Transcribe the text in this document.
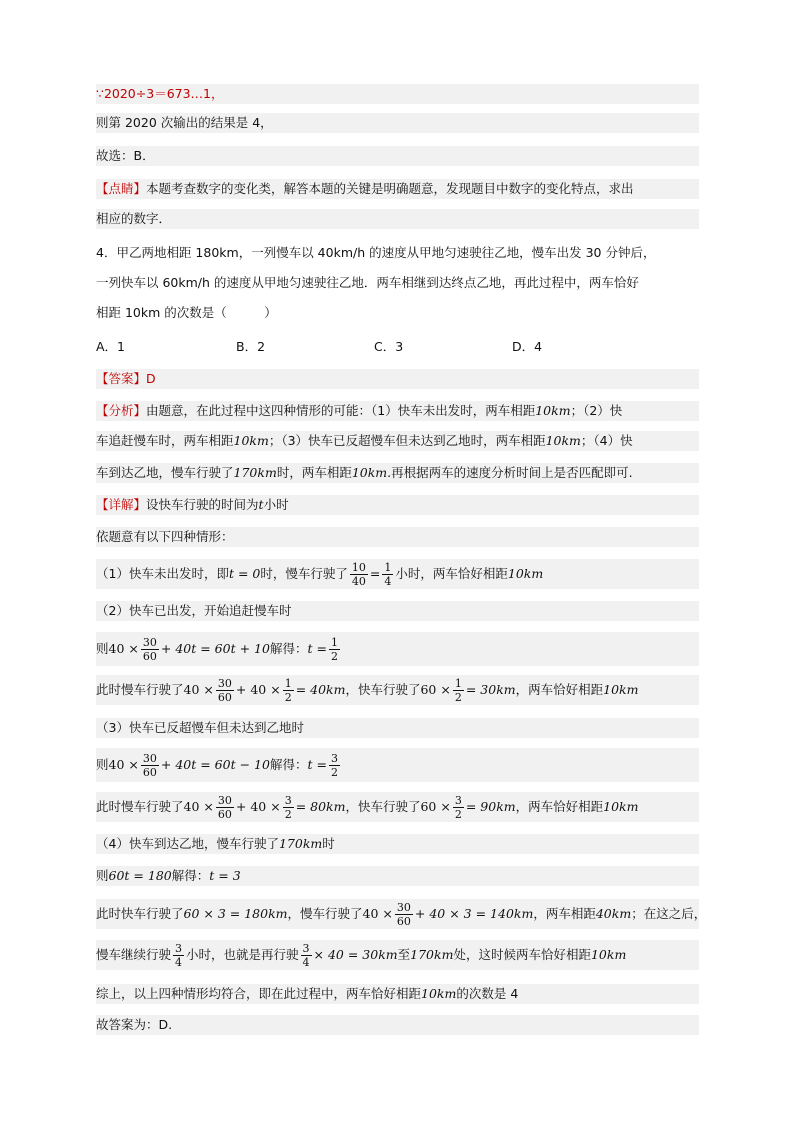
∵2020÷3＝673…1，
则第 2020 次输出的结果是 4，
故选：B．
【点睛】 本题考查数字的变化类，解答本题的关键是明确题意，发现题目中数字的变化特点，求出
相应的数字．
4．甲乙两地相距 180km，一列慢车以 40km/h 的速度从甲地匀速驶往乙地，慢车出发 30 分钟后，
一列快车以 60km/h 的速度从甲地匀速驶往乙地．两车相继到达终点乙地，再此过程中，两车恰好
相距 10km 的次数是（　　　）
A．1	B．2	C．3	D．4
【答案】 D
【分析】 由题意，在此过程中这四种情形的可能：（1）快车未出发时，两车相距 10km ；（2）快
车追赶慢车时，两车相距 10km ；（3）快车已反超慢车但未达到乙地时，两车相距 10km ；（4）快
车到达乙地，慢车行驶了 170km 时，两车相距 10km .再根据两车的速度分析时间上是否匹配即可.
【详解】 设快车行驶的时间为 t 小时
依题意有以下四种情形：
（1）快车未出发时，即 t = 0 时，慢车行驶了 $\frac{10}{40} = \frac{1}{4}$ 小时，两车恰好相距 10km
（2）快车已出发，开始追赶慢车时
则 $40 \times \frac{30}{60} + 40t = 60t + 10$ 解得： $t = \frac{1}{2}$
此时慢车行驶了 $40 \times \frac{30}{60} + 40 \times \frac{1}{2} = 40km$ ，快车行驶了 $60 \times \frac{1}{2} = 30km$ ，两车恰好相距 10km
（3）快车已反超慢车但未达到乙地时
则 $40 \times \frac{30}{60} + 40t = 60t - 10$ 解得： $t = \frac{3}{2}$
此时慢车行驶了 $40 \times \frac{30}{60} + 40 \times \frac{3}{2} = 80km$ ，快车行驶了 $60 \times \frac{3}{2} = 90km$ ，两车恰好相距 10km
（4）快车到达乙地，慢车行驶了 170km 时
则 60t = 180 解得： t = 3
此时快车行驶了 60 × 3 = 180km ，慢车行驶了 $40 \times \frac{30}{60} + 40 \times 3 = 140km$ ，两车相距 40km ；在这之后，
慢车继续行驶 $\frac{3}{4}$ 小时，也就是再行驶 $\frac{3}{4} \times 40 = 30km$ 至 170km 处，这时候两车恰好相距 10km
综上，以上四种情形均符合，即在此过程中，两车恰好相距 10km 的次数是 4
故答案为：D.
